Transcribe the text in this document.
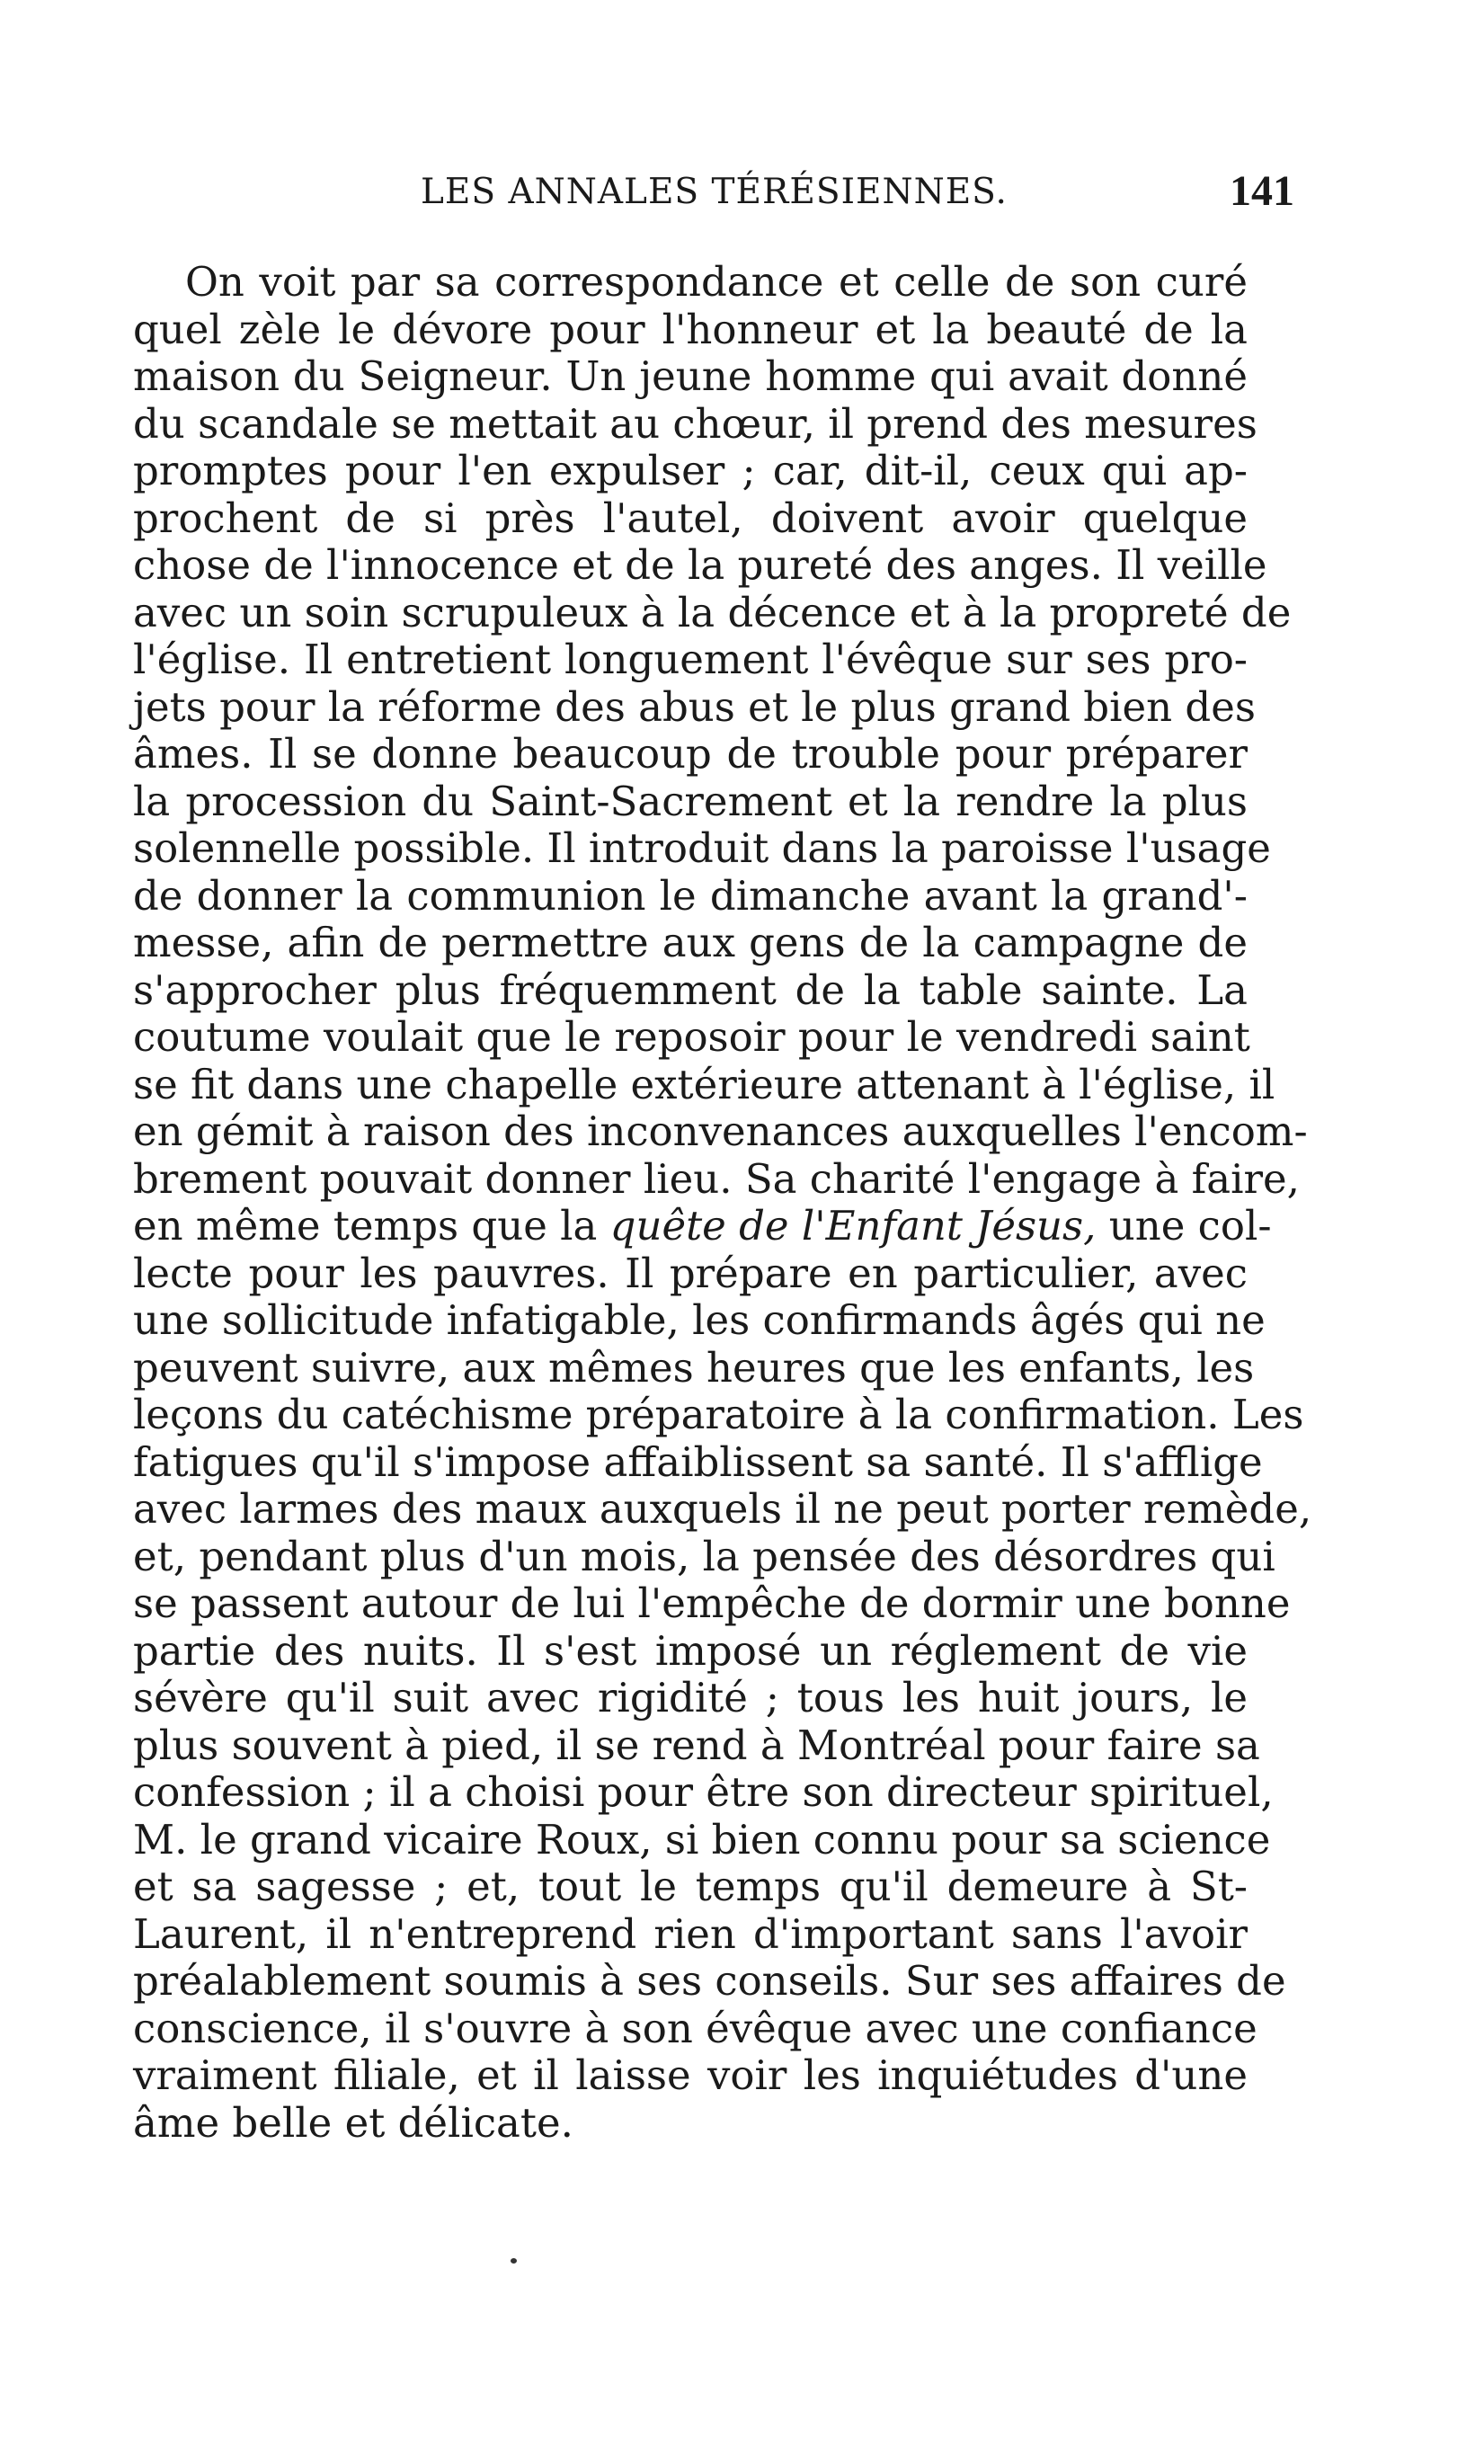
LES ANNALES TÉRÉSIENNES.	141
On voit par sa correspondance et celle de son curé
quel zèle le dévore pour l'honneur et la beauté de la
maison du Seigneur. Un jeune homme qui avait donné
du scandale se mettait au chœur, il prend des mesures
promptes pour l'en expulser ; car, dit-il, ceux qui ap-
prochent de si près l'autel, doivent avoir quelque
chose de l'innocence et de la pureté des anges. Il veille
avec un soin scrupuleux à la décence et à la propreté de
l'église. Il entretient longuement l'évêque sur ses pro-
jets pour la réforme des abus et le plus grand bien des
âmes. Il se donne beaucoup de trouble pour préparer
la procession du Saint-Sacrement et la rendre la plus
solennelle possible. Il introduit dans la paroisse l'usage
de donner la communion le dimanche avant la grand'-
messe, afin de permettre aux gens de la campagne de
s'approcher plus fréquemment de la table sainte. La
coutume voulait que le reposoir pour le vendredi saint
se fit dans une chapelle extérieure attenant à l'église, il
en gémit à raison des inconvenances auxquelles l'encom-
brement pouvait donner lieu. Sa charité l'engage à faire,
en même temps que la quête de l'Enfant Jésus, une col-
lecte pour les pauvres. Il prépare en particulier, avec
une sollicitude infatigable, les confirmands âgés qui ne
peuvent suivre, aux mêmes heures que les enfants, les
leçons du catéchisme préparatoire à la confirmation. Les
fatigues qu'il s'impose affaiblissent sa santé. Il s'afflige
avec larmes des maux auxquels il ne peut porter remède,
et, pendant plus d'un mois, la pensée des désordres qui
se passent autour de lui l'empêche de dormir une bonne
partie des nuits. Il s'est imposé un réglement de vie
sévère qu'il suit avec rigidité ; tous les huit jours, le
plus souvent à pied, il se rend à Montréal pour faire sa
confession ; il a choisi pour être son directeur spirituel,
M. le grand vicaire Roux, si bien connu pour sa science
et sa sagesse ; et, tout le temps qu'il demeure à St-
Laurent, il n'entreprend rien d'important sans l'avoir
préalablement soumis à ses conseils. Sur ses affaires de
conscience, il s'ouvre à son évêque avec une confiance
vraiment filiale, et il laisse voir les inquiétudes d'une
âme belle et délicate.
